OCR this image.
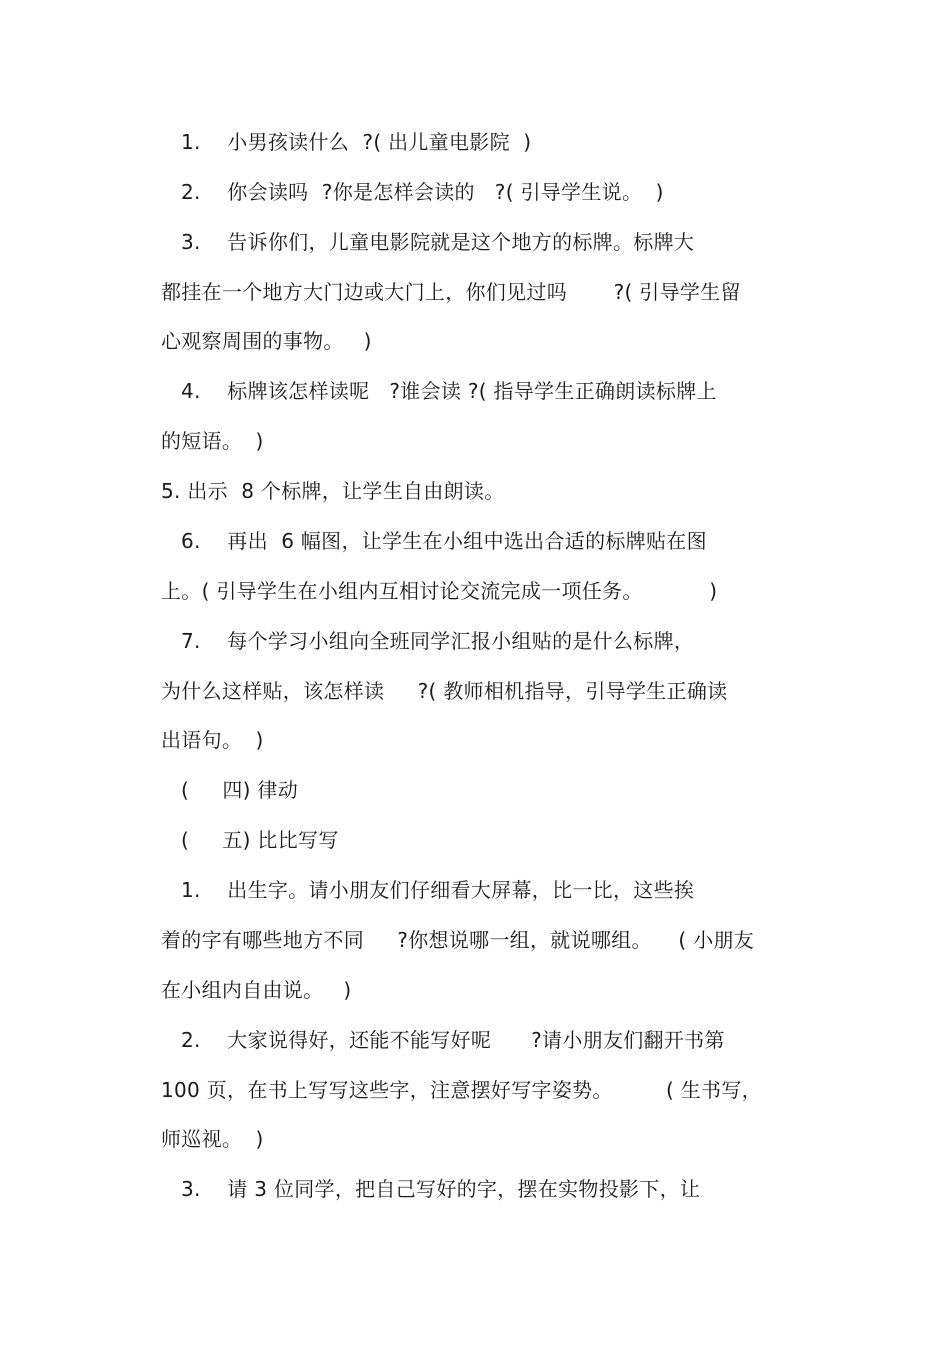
1.    小男孩读什么  ?( 出儿童电影院  )
2.    你会读吗  ?你是怎样会读的   ?( 引导学生说。  )
3.    告诉你们，儿童电影院就是这个地方的标牌。标牌大
都挂在一个地方大门边或大门上，你们见过吗       ?( 引导学生留
心观察周围的事物。   )
4.    标牌该怎样读呢   ?谁会读 ?( 指导学生正确朗读标牌上
的短语。  )
5. 出示  8 个标牌，让学生自由朗读。
6.    再出  6 幅图，让学生在小组中选出合适的标牌贴在图
上。( 引导学生在小组内互相讨论交流完成一项任务。          )
7.    每个学习小组向全班同学汇报小组贴的是什么标牌，
为什么这样贴，该怎样读     ?( 教师相机指导，引导学生正确读
出语句。  )
(     四) 律动
(     五) 比比写写
1.    出生字。请小朋友们仔细看大屏幕，比一比，这些挨
着的字有哪些地方不同     ?你想说哪一组，就说哪组。    ( 小朋友
在小组内自由说。   )
2.    大家说得好，还能不能写好呢      ?请小朋友们翻开书第
100 页，在书上写写这些字，注意摆好写字姿势。        ( 生书写，
师巡视。  )
3.    请 3 位同学，把自己写好的字，摆在实物投影下，让
